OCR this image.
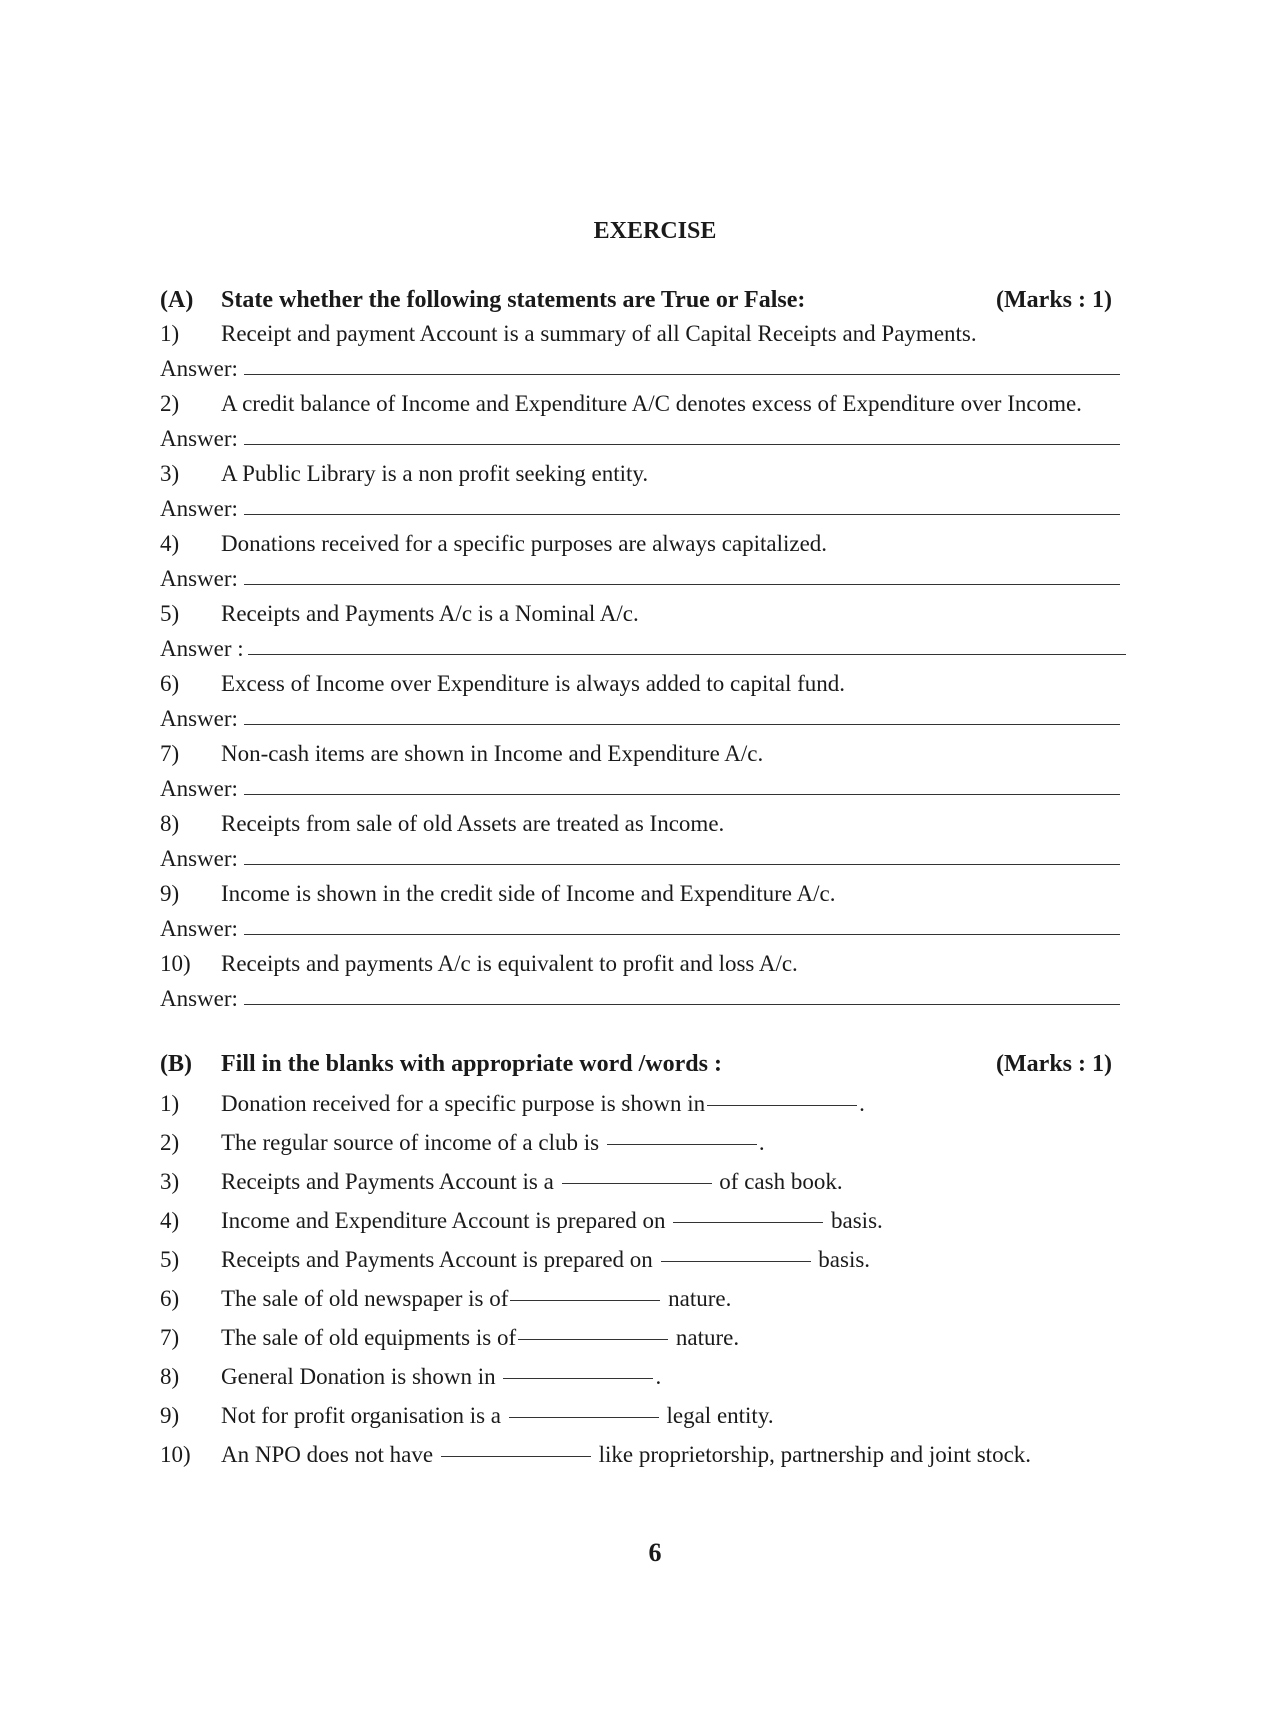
EXERCISE
(A) State whether the following statements are True or False:	(Marks : 1)
1) Receipt and payment Account is a summary of all Capital Receipts and Payments.
Answer:
2) A credit balance of Income and Expenditure A/C denotes excess of Expenditure over Income.
Answer:
3) A Public Library is a non profit seeking entity.
Answer:
4) Donations received for a specific purposes are always capitalized.
Answer:
5) Receipts and Payments A/c is a Nominal A/c.
Answer :
6) Excess of Income over Expenditure is always added to capital fund.
Answer:
7) Non-cash items are shown in Income and Expenditure A/c.
Answer:
8) Receipts from sale of old Assets are treated as Income.
Answer:
9) Income is shown in the credit side of Income and Expenditure A/c.
Answer:
10) Receipts and payments A/c is equivalent to profit and loss A/c.
Answer:
(B) Fill in the blanks with appropriate word /words :	(Marks : 1)
1) Donation received for a specific purpose is shown in	.
2) The regular source of income of a club is	.
3) Receipts and Payments Account is a	of cash book.
4) Income and Expenditure Account is prepared on	basis.
5) Receipts and Payments Account is prepared on	basis.
6) The sale of old newspaper is of	nature.
7) The sale of old equipments is of	nature.
8) General Donation is shown in	.
9) Not for profit organisation is a	legal entity.
10) An NPO does not have	like proprietorship, partnership and joint stock.
6
